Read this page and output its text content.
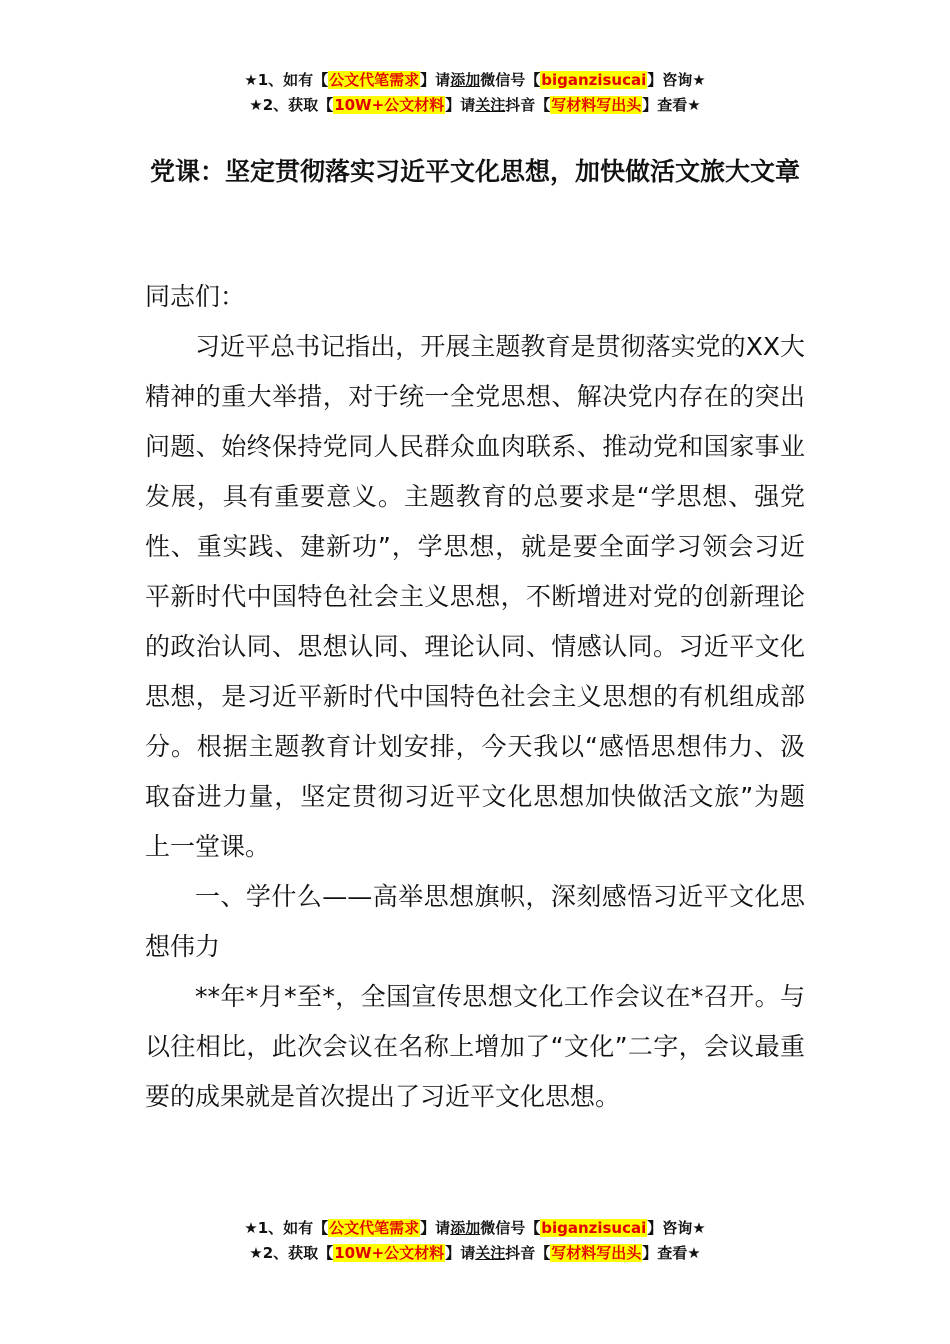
★1、如有【公文代笔需求】请添加微信号【biganzisucai】咨询★
★2、获取【10W+公文材料】请关注抖音【写材料写出头】查看★
党课：坚定贯彻落实习近平文化思想，加快做活文旅大文章

同志们：

习近平总书记指出，开展主题教育是贯彻落实党的XX大精神的重大举措，对于统一全党思想、解决党内存在的突出问题、始终保持党同人民群众血肉联系、推动党和国家事业发展，具有重要意义。主题教育的总要求是“学思想、强党性、重实践、建新功”，学思想，就是要全面学习领会习近平新时代中国特色社会主义思想，不断增进对党的创新理论的政治认同、思想认同、理论认同、情感认同。习近平文化思想，是习近平新时代中国特色社会主义思想的有机组成部分。根据主题教育计划安排，今天我以“感悟思想伟力、汲取奋进力量，坚定贯彻习近平文化思想加快做活文旅”为题上一堂课。

一、学什么——高举思想旗帜，深刻感悟习近平文化思想伟力

**年*月*至*，全国宣传思想文化工作会议在*召开。与以往相比，此次会议在名称上增加了“文化”二字，会议最重要的成果就是首次提出了习近平文化思想。

★1、如有【公文代笔需求】请添加微信号【biganzisucai】咨询★
★2、获取【10W+公文材料】请关注抖音【写材料写出头】查看★
